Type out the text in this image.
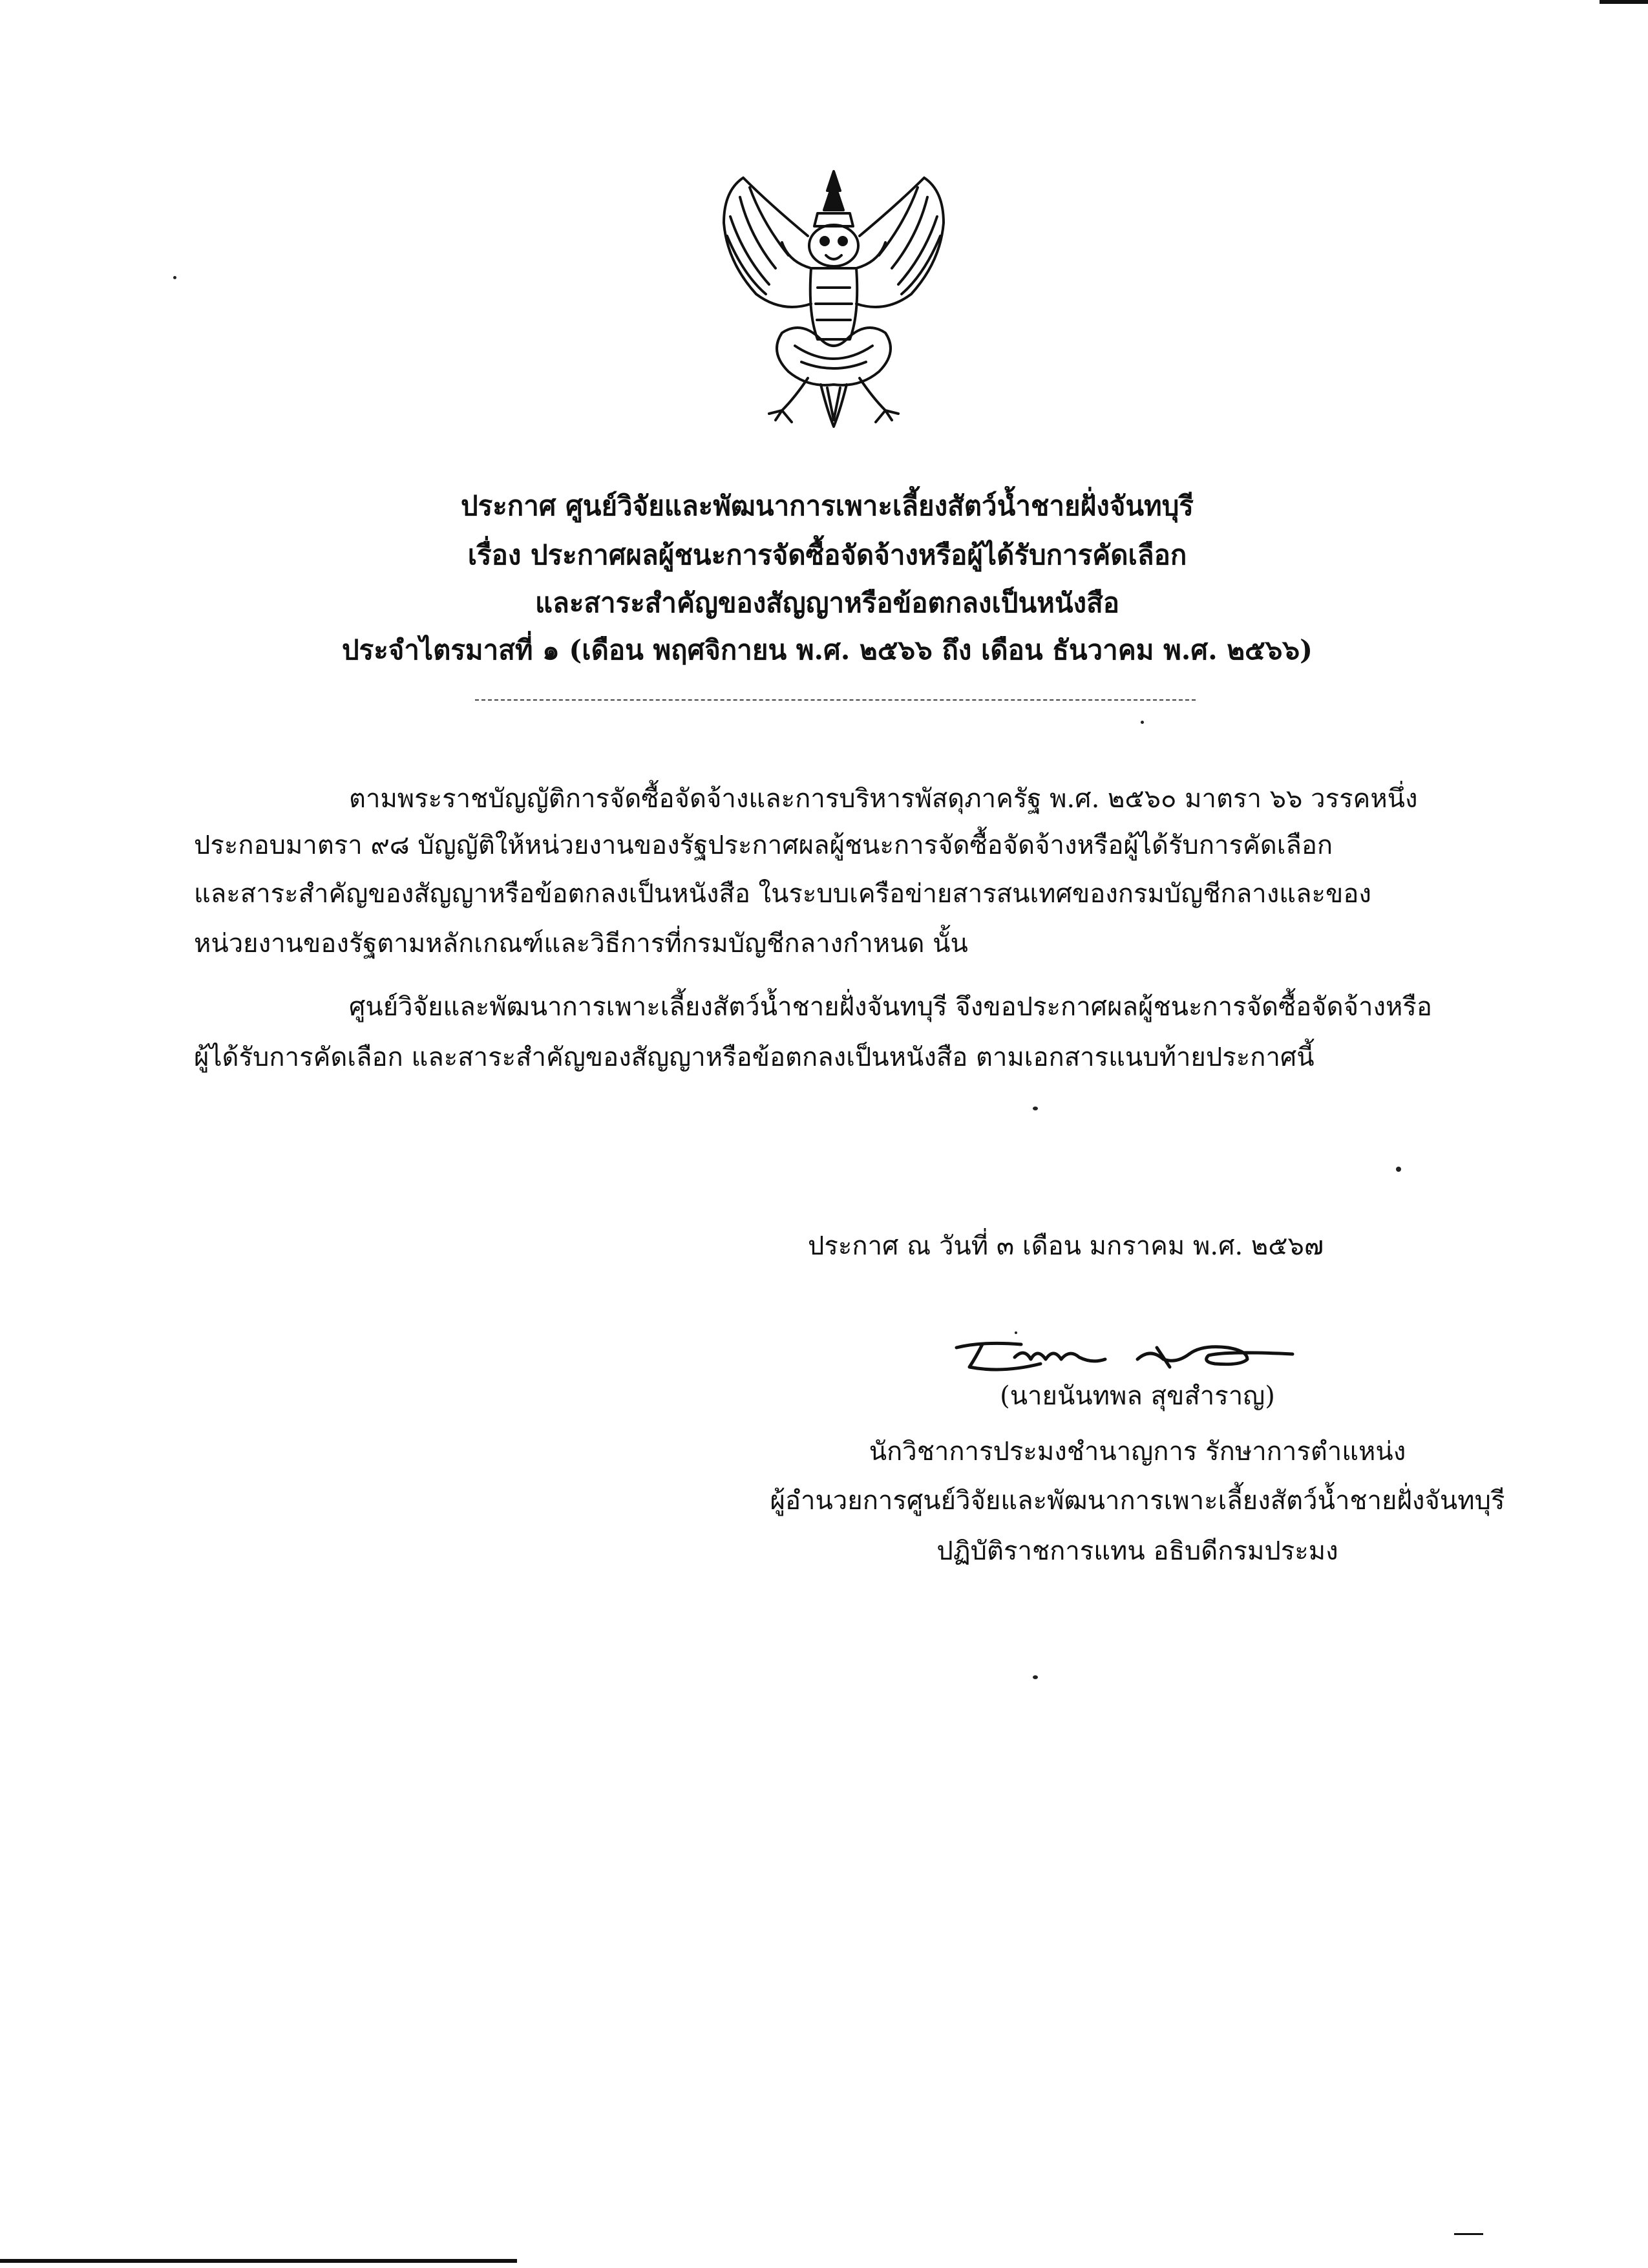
ประกาศ ศูนย์วิจัยและพัฒนาการเพาะเลี้ยงสัตว์น้ำชายฝั่งจันทบุรี
เรื่อง ประกาศผลผู้ชนะการจัดซื้อจัดจ้างหรือผู้ได้รับการคัดเลือก
และสาระสำคัญของสัญญาหรือข้อตกลงเป็นหนังสือ
ประจำไตรมาสที่ ๑ (เดือน พฤศจิกายน พ.ศ. ๒๕๖๖ ถึง เดือน ธันวาคม พ.ศ. ๒๕๖๖)
ตามพระราชบัญญัติการจัดซื้อจัดจ้างและการบริหารพัสดุภาครัฐ พ.ศ. ๒๕๖๐ มาตรา ๖๖ วรรคหนึ่ง
ประกอบมาตรา ๙๘ บัญญัติให้หน่วยงานของรัฐประกาศผลผู้ชนะการจัดซื้อจัดจ้างหรือผู้ได้รับการคัดเลือก
และสาระสำคัญของสัญญาหรือข้อตกลงเป็นหนังสือ ในระบบเครือข่ายสารสนเทศของกรมบัญชีกลางและของ
หน่วยงานของรัฐตามหลักเกณฑ์และวิธีการที่กรมบัญชีกลางกำหนด นั้น
ศูนย์วิจัยและพัฒนาการเพาะเลี้ยงสัตว์น้ำชายฝั่งจันทบุรี จึงขอประกาศผลผู้ชนะการจัดซื้อจัดจ้างหรือ
ผู้ได้รับการคัดเลือก และสาระสำคัญของสัญญาหรือข้อตกลงเป็นหนังสือ ตามเอกสารแนบท้ายประกาศนี้
ประกาศ ณ วันที่ ๓ เดือน มกราคม พ.ศ. ๒๕๖๗
(นายนันทพล สุขสำราญ)
นักวิชาการประมงชำนาญการ รักษาการตำแหน่ง
ผู้อำนวยการศูนย์วิจัยและพัฒนาการเพาะเลี้ยงสัตว์น้ำชายฝั่งจันทบุรี
ปฏิบัติราชการแทน อธิบดีกรมประมง
